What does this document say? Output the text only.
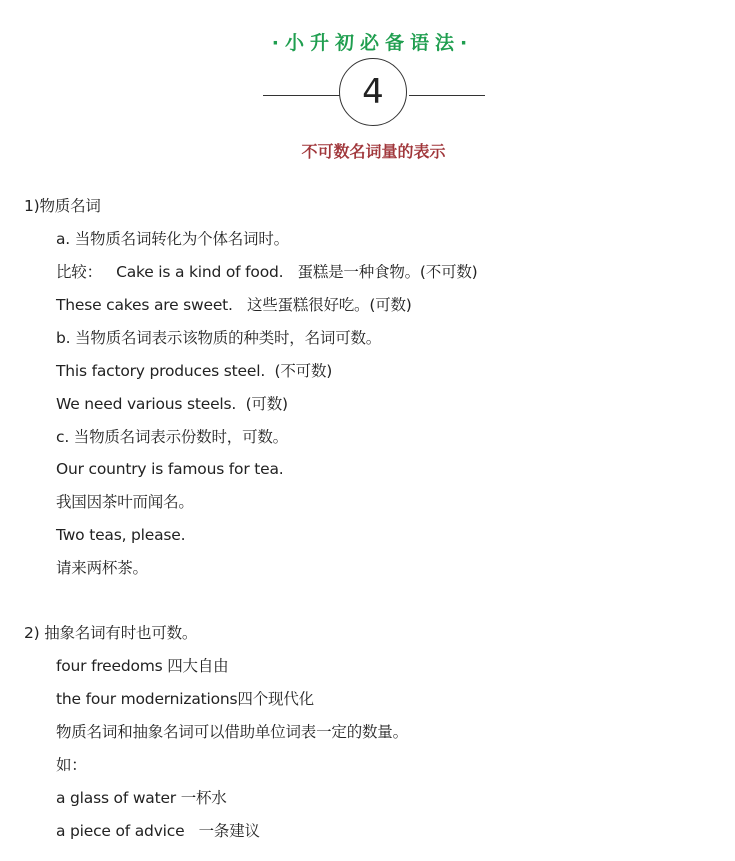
·小升初必备语法·
4
不可数名词量的表示
1)物质名词
a. 当物质名词转化为个体名词时。
比较：   Cake is a kind of food.   蛋糕是一种食物。(不可数)
These cakes are sweet.   这些蛋糕很好吃。(可数)
b. 当物质名词表示该物质的种类时，名词可数。
This factory produces steel.  (不可数)
We need various steels.  (可数)
c. 当物质名词表示份数时，可数。
Our country is famous for tea.
我国因茶叶而闻名。
Two teas, please.
请来两杯茶。
2) 抽象名词有时也可数。
four freedoms 四大自由
the four modernizations四个现代化
物质名词和抽象名词可以借助单位词表一定的数量。
如：
a glass of water 一杯水
a piece of advice   一条建议
